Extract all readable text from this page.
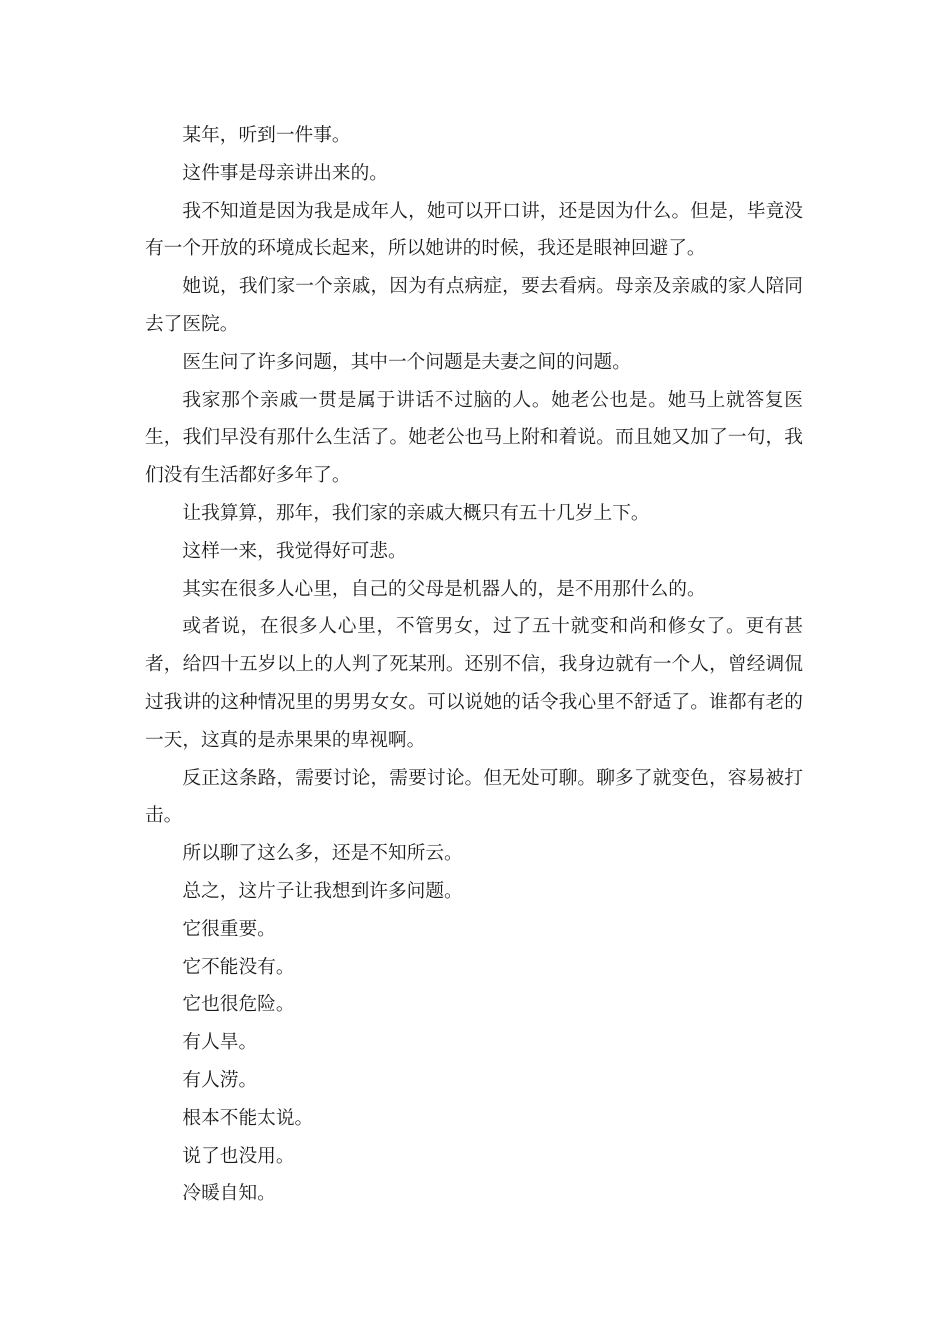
某年，听到一件事。

这件事是母亲讲出来的。

我不知道是因为我是成年人，她可以开口讲，还是因为什么。但是，毕竟没有一个开放的环境成长起来，所以她讲的时候，我还是眼神回避了。

她说，我们家一个亲戚，因为有点病症，要去看病。母亲及亲戚的家人陪同去了医院。

医生问了许多问题，其中一个问题是夫妻之间的问题。

我家那个亲戚一贯是属于讲话不过脑的人。她老公也是。她马上就答复医生，我们早没有那什么生活了。她老公也马上附和着说。而且她又加了一句，我们没有生活都好多年了。

让我算算，那年，我们家的亲戚大概只有五十几岁上下。

这样一来，我觉得好可悲。

其实在很多人心里，自己的父母是机器人的，是不用那什么的。

或者说，在很多人心里，不管男女，过了五十就变和尚和修女了。更有甚者，给四十五岁以上的人判了死某刑。还别不信，我身边就有一个人，曾经调侃过我讲的这种情况里的男男女女。可以说她的话令我心里不舒适了。谁都有老的一天，这真的是赤果果的卑视啊。

反正这条路，需要讨论，需要讨论。但无处可聊。聊多了就变色，容易被打击。

所以聊了这么多，还是不知所云。

总之，这片子让我想到许多问题。

它很重要。

它不能没有。

它也很危险。

有人旱。

有人涝。

根本不能太说。

说了也没用。

冷暖自知。
